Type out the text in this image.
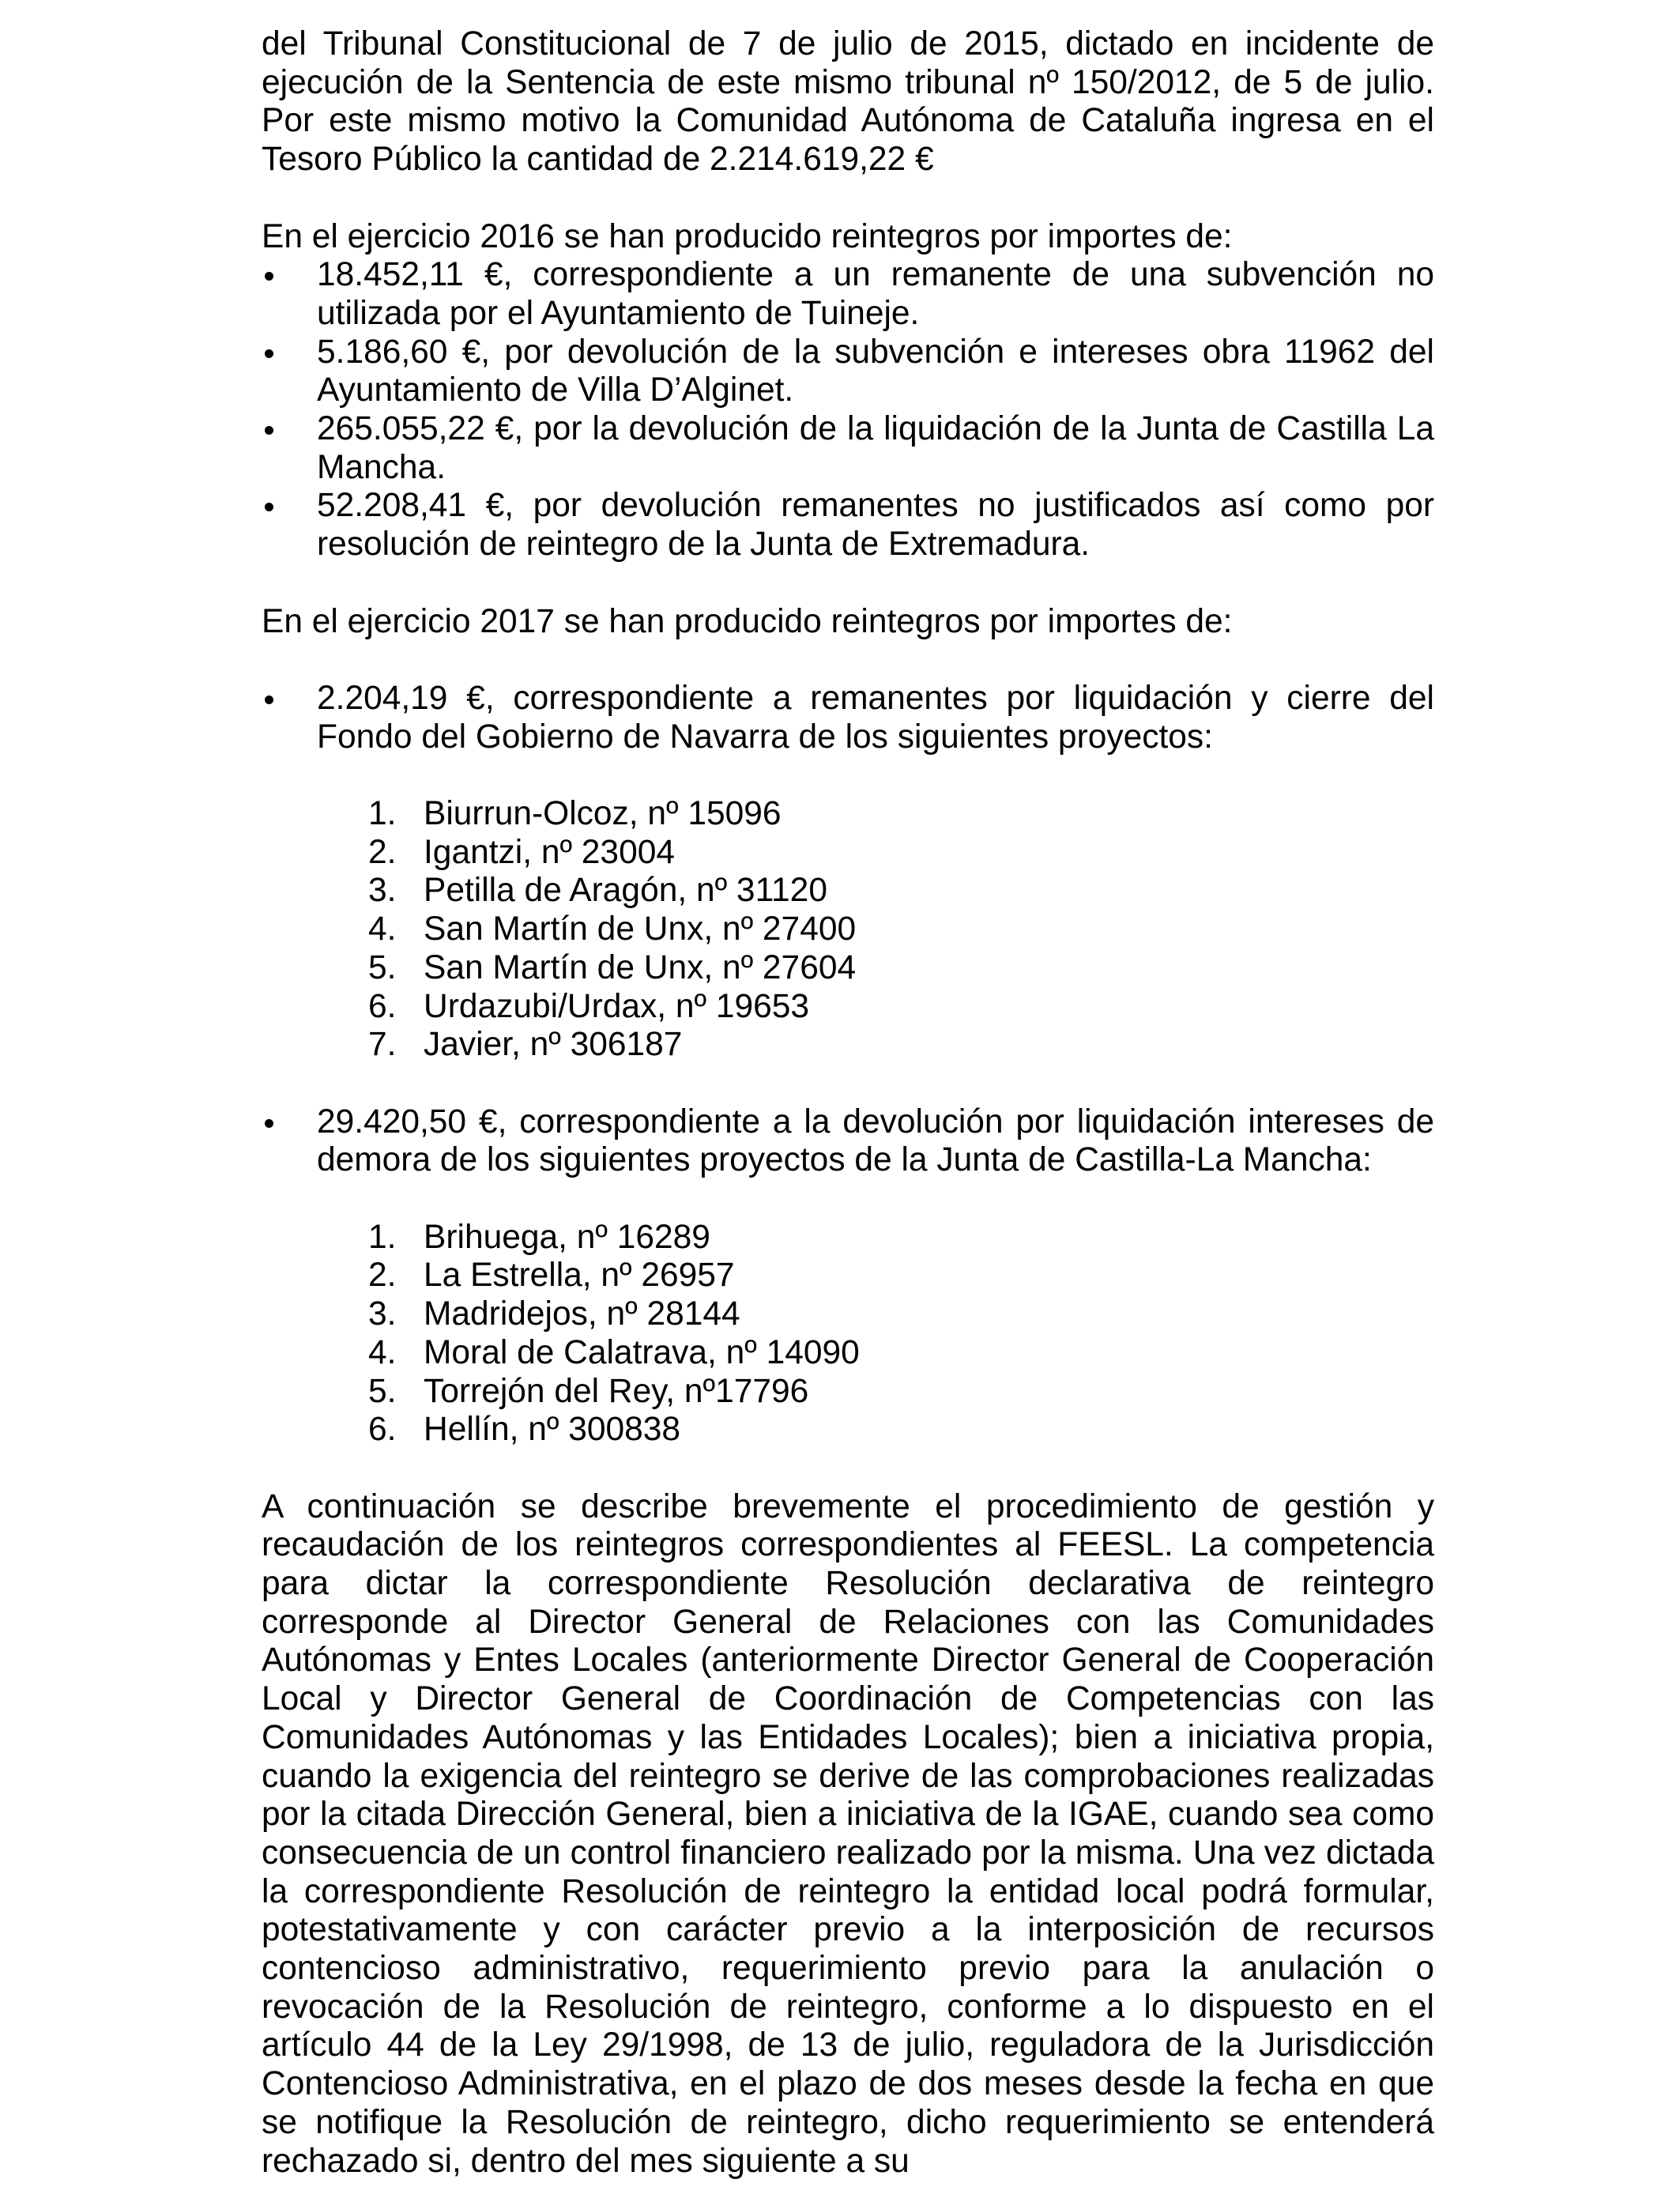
del Tribunal Constitucional de 7 de julio de 2015, dictado en incidente de ejecución de la Sentencia de este mismo tribunal nº 150/2012, de 5 de julio. Por este mismo motivo la Comunidad Autónoma de Cataluña ingresa en el Tesoro Público la cantidad de 2.214.619,22 €

En el ejercicio 2016 se han producido reintegros por importes de:

18.452,11 €, correspondiente a un remanente de una subvención no utilizada por el Ayuntamiento de Tuineje.
5.186,60 €, por devolución de la subvención e intereses obra 11962 del Ayuntamiento de Villa D’Alginet.
265.055,22 €, por la devolución de la liquidación de la Junta de Castilla La Mancha.
52.208,41 €, por devolución remanentes no justificados así como por resolución de reintegro de la Junta de Extremadura.

En el ejercicio 2017 se han producido reintegros por importes de:

2.204,19 €, correspondiente a remanentes por liquidación y cierre del Fondo del Gobierno de Navarra de los siguientes proyectos:
1. Biurrun-Olcoz, nº 15096
2. Igantzi, nº 23004
3. Petilla de Aragón, nº 31120
4. San Martín de Unx, nº 27400
5. San Martín de Unx, nº 27604
6. Urdazubi/Urdax, nº 19653
7. Javier, nº 306187
29.420,50 €, correspondiente a la devolución por liquidación intereses de demora de los siguientes proyectos de la Junta de Castilla-La Mancha:
1. Brihuega, nº 16289
2. La Estrella, nº 26957
3. Madridejos, nº 28144
4. Moral de Calatrava, nº 14090
5. Torrejón del Rey, nº17796
6. Hellín, nº 300838

A continuación se describe brevemente el procedimiento de gestión y recaudación de los reintegros correspondientes al FEESL. La competencia para dictar la correspondiente Resolución declarativa de reintegro corresponde al Director General de Relaciones con las Comunidades Autónomas y Entes Locales (anteriormente Director General de Cooperación Local y Director General de Coordinación de Competencias con las Comunidades Autónomas y las Entidades Locales); bien a iniciativa propia, cuando la exigencia del reintegro se derive de las comprobaciones realizadas por la citada Dirección General, bien a iniciativa de la IGAE, cuando sea como consecuencia de un control financiero realizado por la misma. Una vez dictada la correspondiente Resolución de reintegro la entidad local podrá formular, potestativamente y con carácter previo a la interposición de recursos contencioso administrativo, requerimiento previo para la anulación o revocación de la Resolución de reintegro, conforme a lo dispuesto en el artículo 44 de la Ley 29/1998, de 13 de julio, reguladora de la Jurisdicción Contencioso Administrativa, en el plazo de dos meses desde la fecha en que se notifique la Resolución de reintegro, dicho requerimiento se entenderá rechazado si, dentro del mes siguiente a su
